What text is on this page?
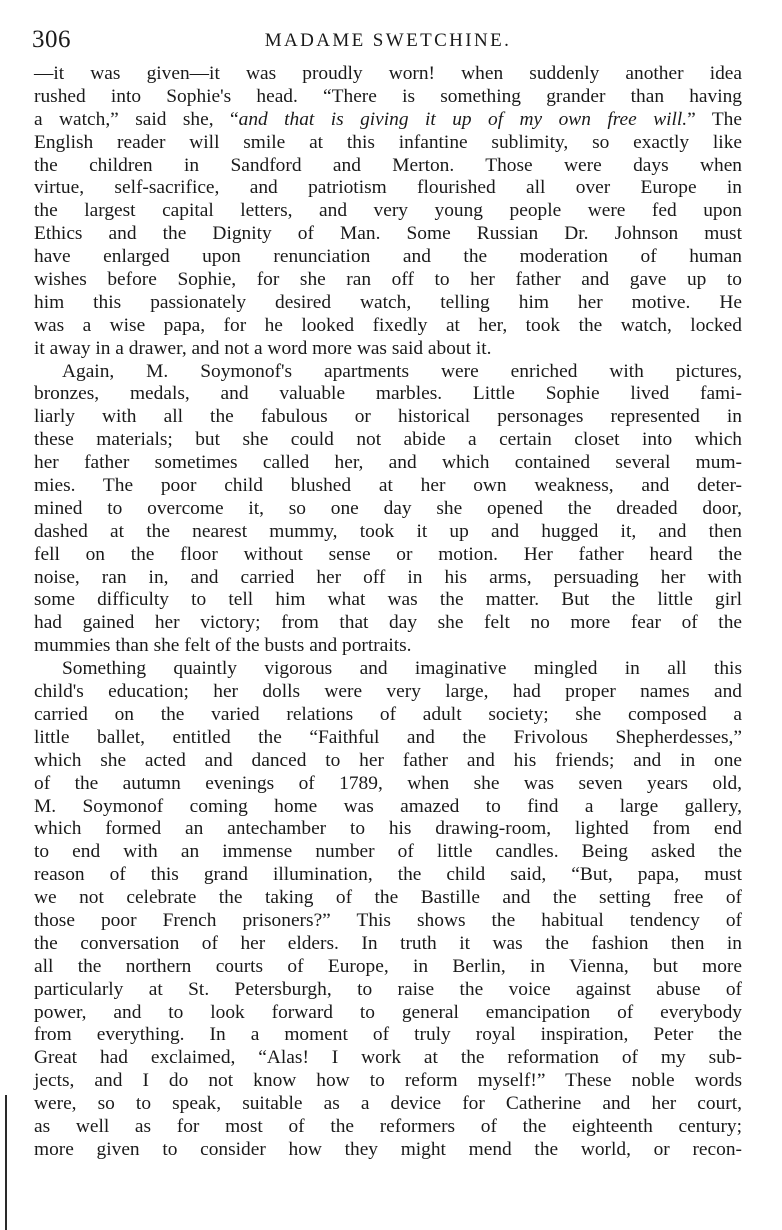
306	MADAME SWETCHINE.
—it was given—it was proudly worn! when suddenly another idea
rushed into Sophie's head. “There is something grander than having
a watch,” said she, “and that is giving it up of my own free will.” The
English reader will smile at this infantine sublimity, so exactly like
the children in Sandford and Merton. Those were days when
virtue, self-sacrifice, and patriotism flourished all over Europe in
the largest capital letters, and very young people were fed upon
Ethics and the Dignity of Man. Some Russian Dr. Johnson must
have enlarged upon renunciation and the moderation of human
wishes before Sophie, for she ran off to her father and gave up to
him this passionately desired watch, telling him her motive. He
was a wise papa, for he looked fixedly at her, took the watch, locked
it away in a drawer, and not a word more was said about it.
Again, M. Soymonof's apartments were enriched with pictures,
bronzes, medals, and valuable marbles. Little Sophie lived fami-
liarly with all the fabulous or historical personages represented in
these materials; but she could not abide a certain closet into which
her father sometimes called her, and which contained several mum-
mies. The poor child blushed at her own weakness, and deter-
mined to overcome it, so one day she opened the dreaded door,
dashed at the nearest mummy, took it up and hugged it, and then
fell on the floor without sense or motion. Her father heard the
noise, ran in, and carried her off in his arms, persuading her with
some difficulty to tell him what was the matter. But the little girl
had gained her victory; from that day she felt no more fear of the
mummies than she felt of the busts and portraits.
Something quaintly vigorous and imaginative mingled in all this
child's education; her dolls were very large, had proper names and
carried on the varied relations of adult society; she composed a
little ballet, entitled the “Faithful and the Frivolous Shepherdesses,”
which she acted and danced to her father and his friends; and in one
of the autumn evenings of 1789, when she was seven years old,
M. Soymonof coming home was amazed to find a large gallery,
which formed an antechamber to his drawing-room, lighted from end
to end with an immense number of little candles. Being asked the
reason of this grand illumination, the child said, “But, papa, must
we not celebrate the taking of the Bastille and the setting free of
those poor French prisoners?” This shows the habitual tendency of
the conversation of her elders. In truth it was the fashion then in
all the northern courts of Europe, in Berlin, in Vienna, but more
particularly at St. Petersburgh, to raise the voice against abuse of
power, and to look forward to general emancipation of everybody
from everything. In a moment of truly royal inspiration, Peter the
Great had exclaimed, “Alas! I work at the reformation of my sub-
jects, and I do not know how to reform myself!” These noble words
were, so to speak, suitable as a device for Catherine and her court,
as well as for most of the reformers of the eighteenth century;
more given to consider how they might mend the world, or recon-
